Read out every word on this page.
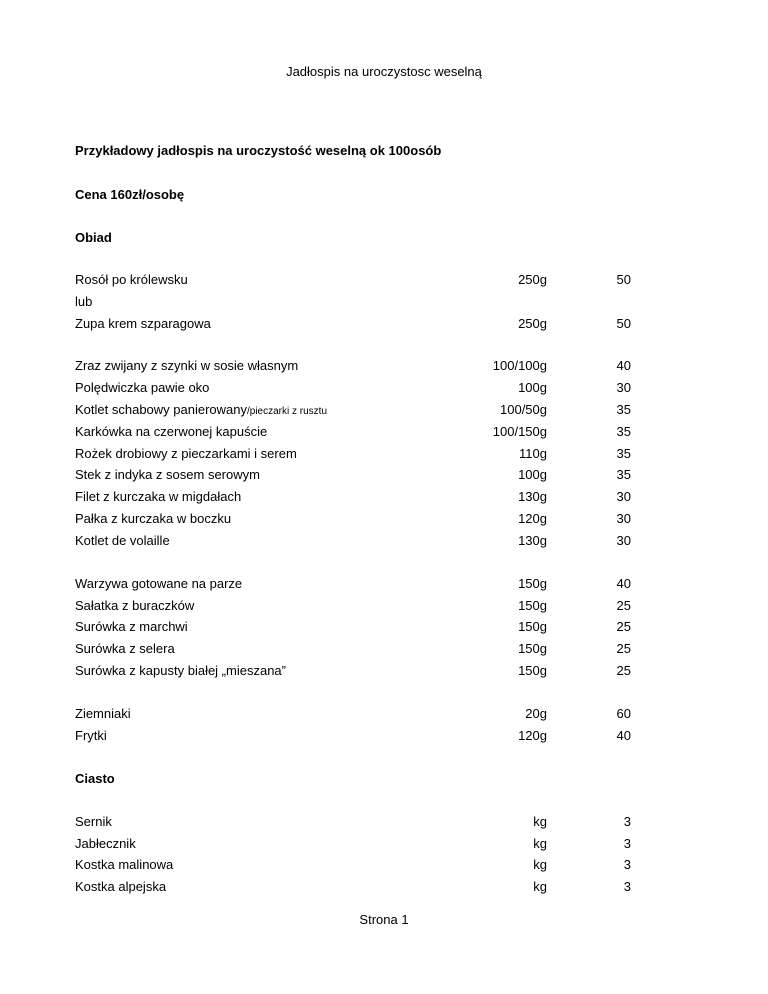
Jadłospis na uroczystosc weselną
Przykładowy jadłospis na uroczystość weselną ok 100osób
Cena 160zł/osobę
Obiad
Rosół po królewsku	250g	50
lub
Zupa krem szparagowa	250g	50
Zraz zwijany z szynki w sosie własnym	100/100g	40
Polędwiczka pawie oko	100g	30
Kotlet schabowy panierowany/pieczarki z rusztu	100/50g	35
Karkówka na czerwonej kapuście	100/150g	35
Rożek drobiowy z pieczarkami i serem	110g	35
Stek z indyka z sosem serowym	100g	35
Filet z kurczaka w migdałach	130g	30
Pałka z kurczaka w boczku	120g	30
Kotlet de volaille	130g	30
Warzywa gotowane na parze	150g	40
Sałatka z buraczków	150g	25
Surówka z marchwi	150g	25
Surówka z selera	150g	25
Surówka z kapusty białej „mieszana”	150g	25
Ziemniaki	20g	60
Frytki	120g	40
Ciasto
Sernik	kg	3
Jabłecznik	kg	3
Kostka malinowa	kg	3
Kostka alpejska	kg	3
Strona 1
